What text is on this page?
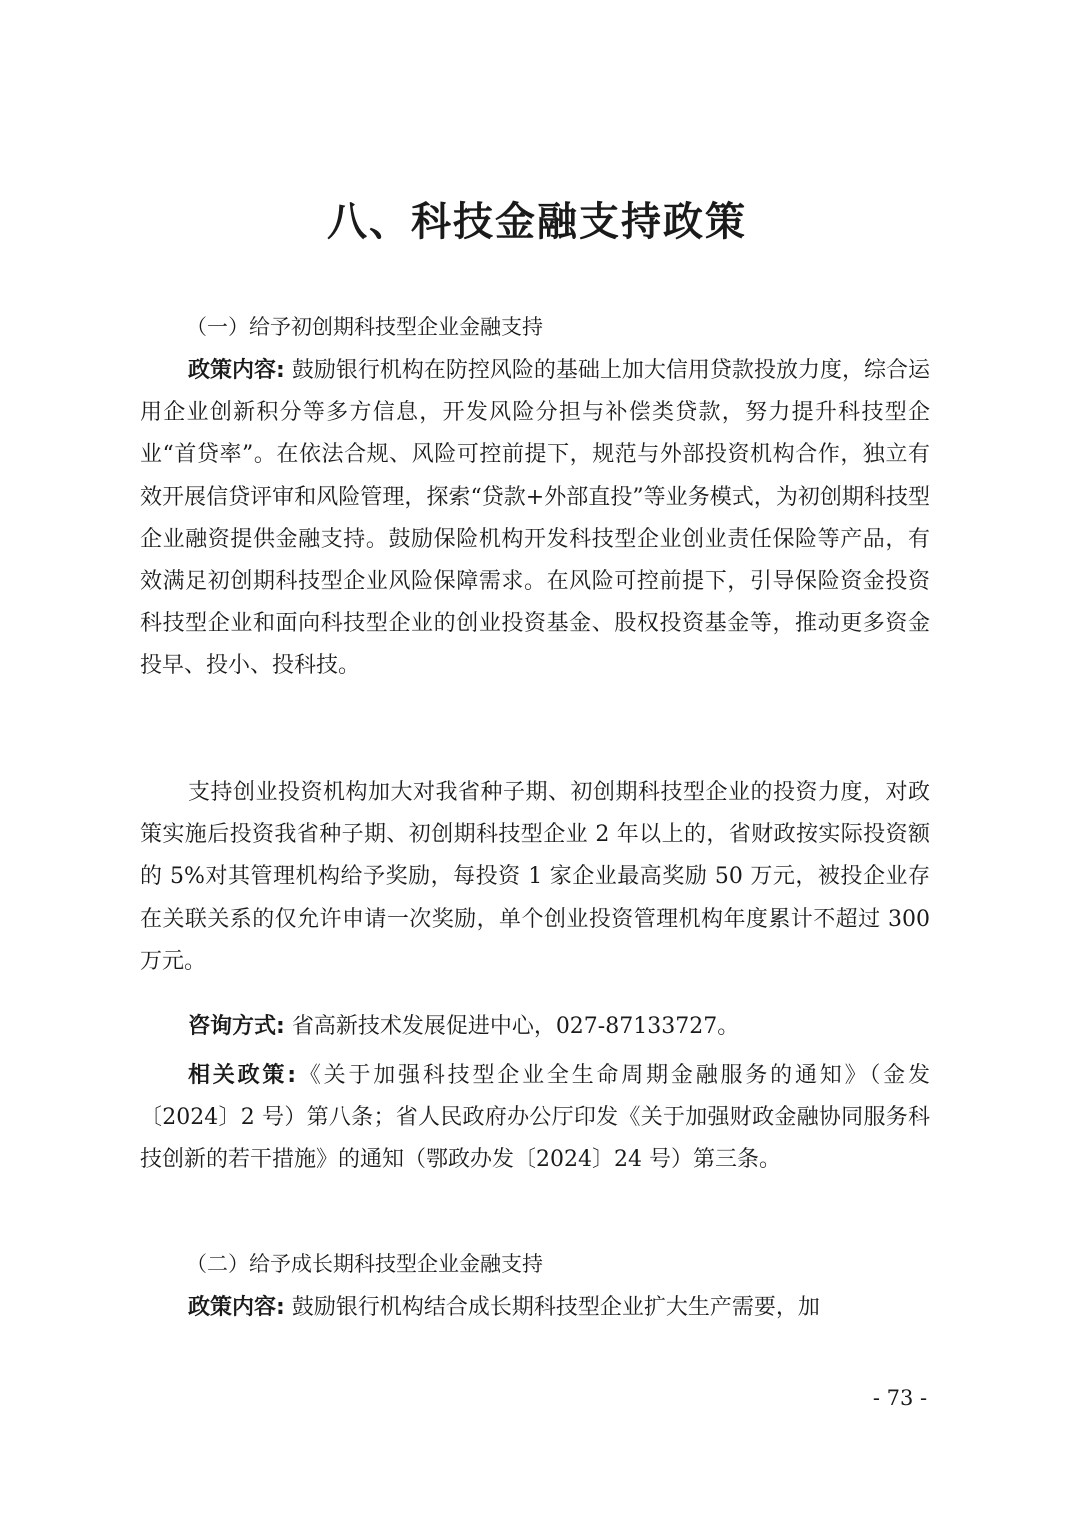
八、科技金融支持政策

（一）给予初创期科技型企业金融支持

政策内容: 鼓励银行机构在防控风险的基础上加大信用贷款投放力度，综合运用企业创新积分等多方信息，开发风险分担与补偿类贷款，努力提升科技型企业“首贷率”。在依法合规、风险可控前提下，规范与外部投资机构合作，独立有效开展信贷评审和风险管理，探索“贷款+外部直投”等业务模式，为初创期科技型企业融资提供金融支持。鼓励保险机构开发科技型企业创业责任保险等产品，有效满足初创期科技型企业风险保障需求。在风险可控前提下，引导保险资金投资科技型企业和面向科技型企业的创业投资基金、股权投资基金等，推动更多资金投早、投小、投科技。

支持创业投资机构加大对我省种子期、初创期科技型企业的投资力度，对政策实施后投资我省种子期、初创期科技型企业 2 年以上的，省财政按实际投资额的 5%对其管理机构给予奖励，每投资 1 家企业最高奖励 50 万元，被投企业存在关联关系的仅允许申请一次奖励，单个创业投资管理机构年度累计不超过 300 万元。

咨询方式: 省高新技术发展促进中心，027-87133727。

相关政策:《关于加强科技型企业全生命周期金融服务的通知》（金发〔2024〕2 号）第八条；省人民政府办公厅印发《关于加强财政金融协同服务科技创新的若干措施》的通知（鄂政办发〔2024〕24 号）第三条。

（二）给予成长期科技型企业金融支持

政策内容: 鼓励银行机构结合成长期科技型企业扩大生产需要，加

- 73 -
